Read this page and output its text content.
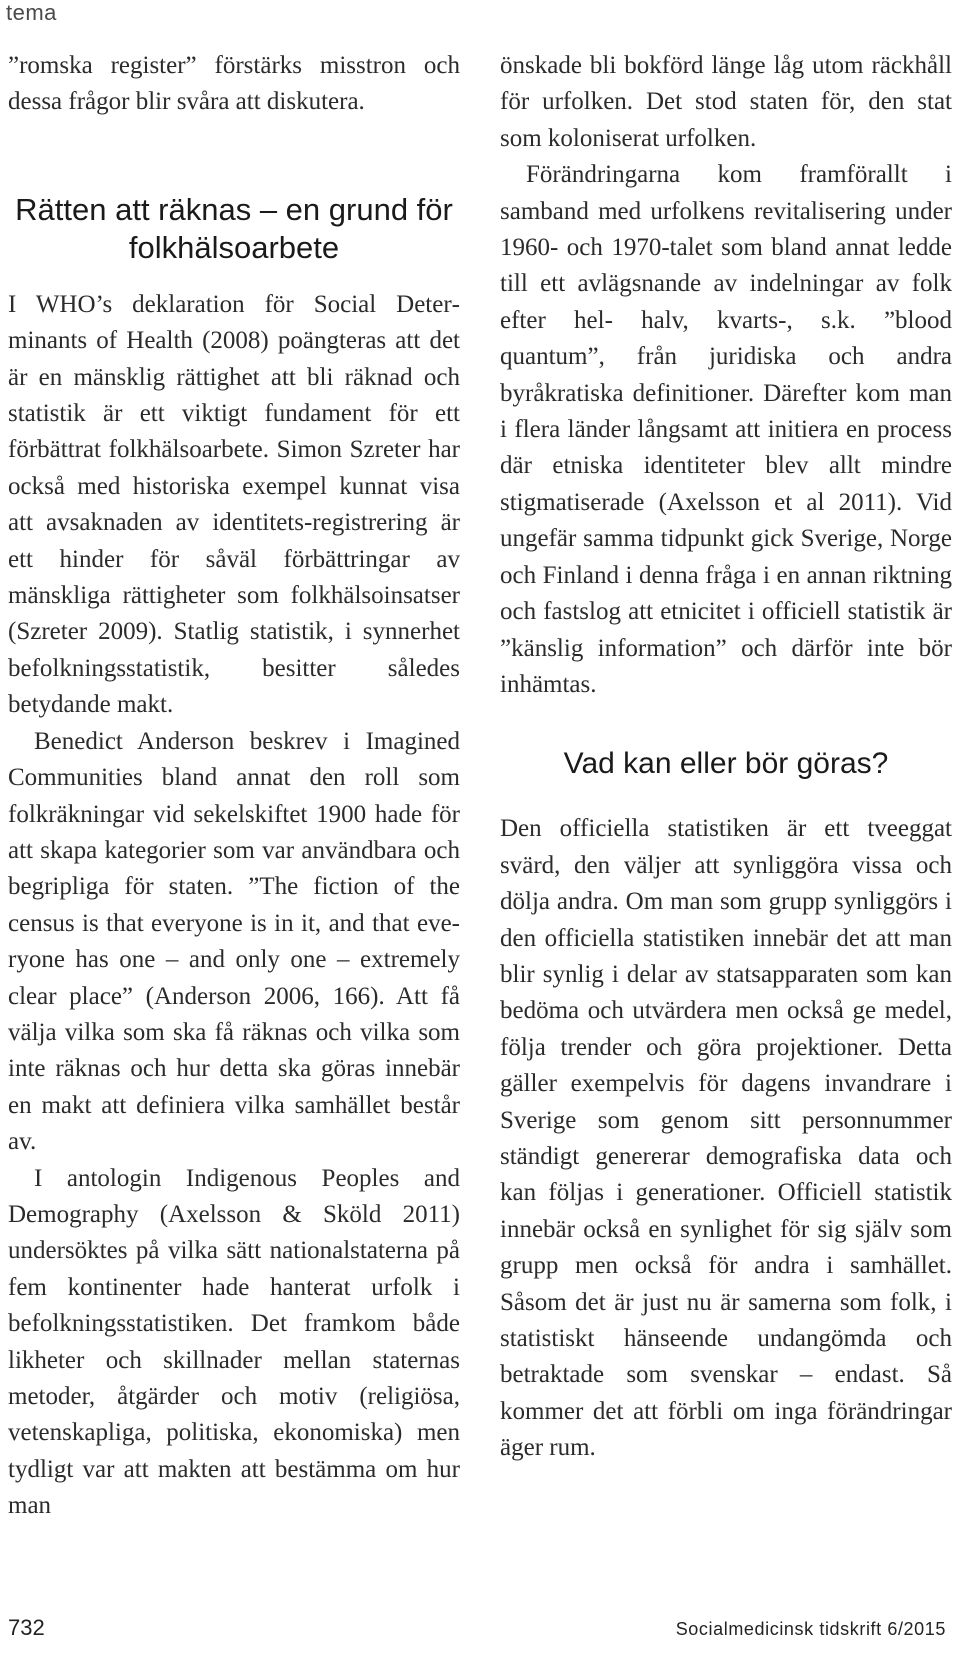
tema

”romska register” förstärks misstron och dessa frågor blir svåra att diskutera.

Rätten att räknas – en grund för folkhälsoarbete

I WHO’s deklaration för Social Determinants of Health (2008) poängteras att det är en mänsklig rättighet att bli räknad och statistik är ett viktigt fundament för ett förbättrat folkhälsoarbete. Simon Szreter har också med historiska exempel kunnat visa att avsaknaden av identitets-registrering är ett hinder för såväl förbättringar av mänskliga rättigheter som folkhälsoinsatser (Szreter 2009). Statlig statistik, i synnerhet befolkningsstatistik, besitter således betydande makt.

Benedict Anderson beskrev i Imagined Communities bland annat den roll som folkräkningar vid sekelskiftet 1900 hade för att skapa kategorier som var användbara och begripliga för staten. ”The fiction of the census is that everyone is in it, and that everyone has one – and only one – extremely clear place” (Anderson 2006, 166). Att få välja vilka som ska få räknas och vilka som inte räknas och hur detta ska göras innebär en makt att definiera vilka samhället består av.

I antologin Indigenous Peoples and Demography (Axelsson & Sköld 2011) undersöktes på vilka sätt nationalstaterna på fem kontinenter hade hanterat urfolk i befolkningsstatistiken. Det framkom både likheter och skillnader mellan staternas metoder, åtgärder och motiv (religiösa, vetenskapliga, politiska, ekonomiska) men tydligt var att makten att bestämma om hur man

önskade bli bokförd länge låg utom räckhåll för urfolken. Det stod staten för, den stat som koloniserat urfolken.

Förändringarna kom framförallt i samband med urfolkens revitalisering under 1960- och 1970-talet som bland annat ledde till ett avlägsnande av indelningar av folk efter hel- halv, kvarts-, s.k. ”blood quantum”, från juridiska och andra byråkratiska definitioner. Därefter kom man i flera länder långsamt att initiera en process där etniska identiteter blev allt mindre stigmatiserade (Axelsson et al 2011). Vid ungefär samma tidpunkt gick Sverige, Norge och Finland i denna fråga i en annan riktning och fastslog att etnicitet i officiell statistik är ”känslig information” och därför inte bör inhämtas.

Vad kan eller bör göras?

Den officiella statistiken är ett tveeggat svärd, den väljer att synliggöra vissa och dölja andra. Om man som grupp synliggörs i den officiella statistiken innebär det att man blir synlig i delar av statsapparaten som kan bedöma och utvärdera men också ge medel, följa trender och göra projektioner. Detta gäller exempelvis för dagens invandrare i Sverige som genom sitt personnummer ständigt genererar demografiska data och kan följas i generationer. Officiell statistik innebär också en synlighet för sig själv som grupp men också för andra i samhället. Såsom det är just nu är samerna som folk, i statistiskt hänseende undangömda och betraktade som svenskar – endast. Så kommer det att förbli om inga förändringar äger rum.

732	Socialmedicinsk tidskrift 6/2015
